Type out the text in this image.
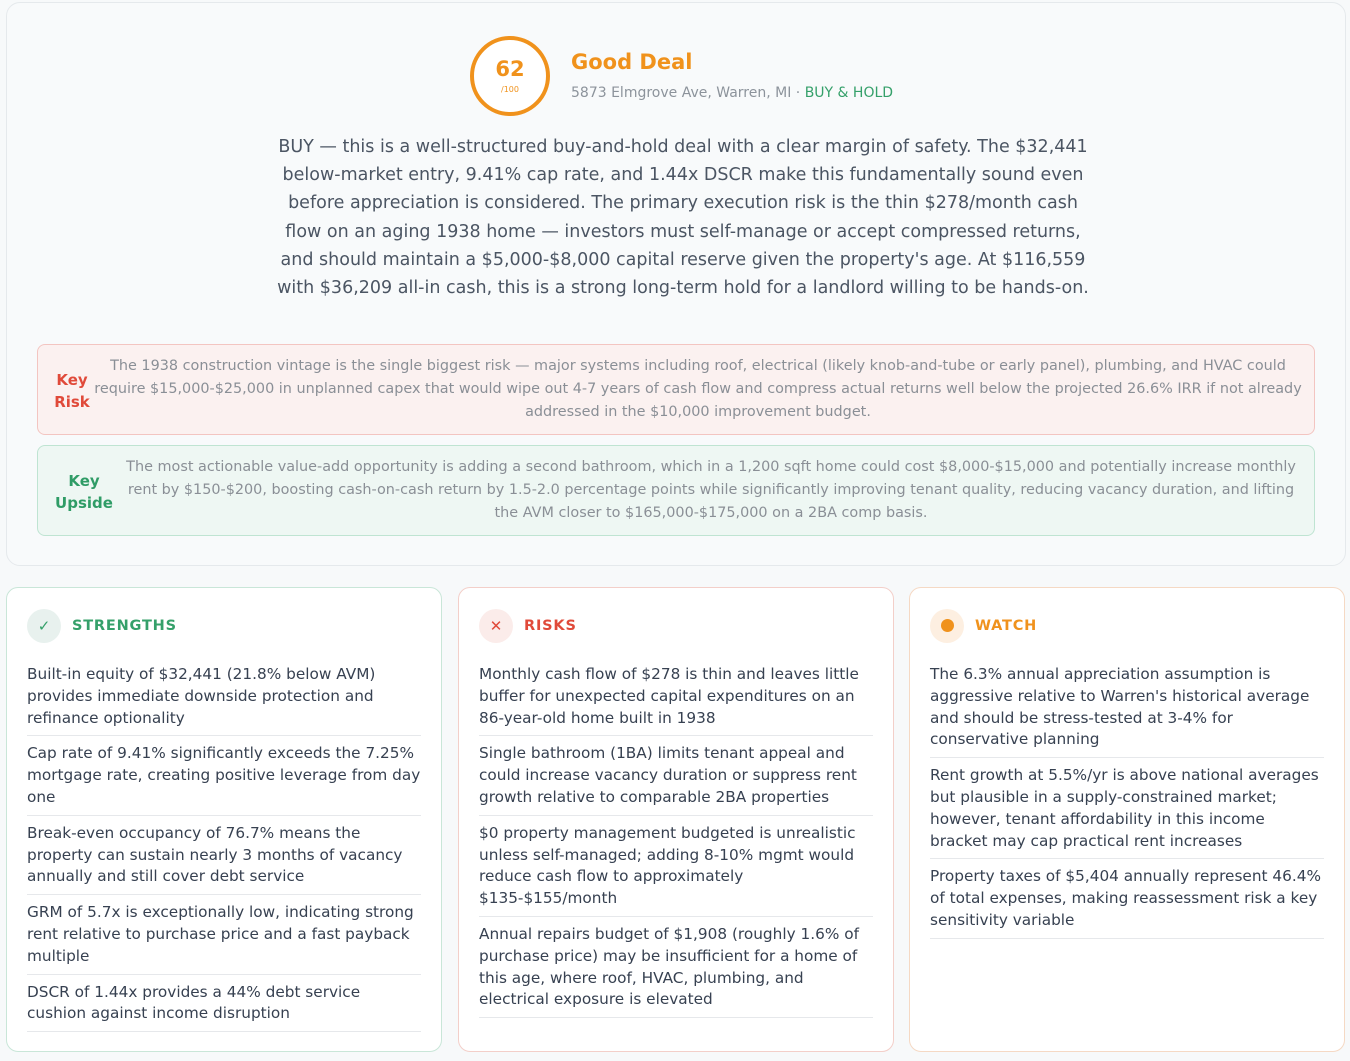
62
/100
Good Deal
5873 Elmgrove Ave, Warren, MI · BUY & HOLD
BUY — this is a well-structured buy-and-hold deal with a clear margin of safety. The $32,441 below-market entry, 9.41% cap rate, and 1.44x DSCR make this fundamentally sound even before appreciation is considered. The primary execution risk is the thin $278/month cash flow on an aging 1938 home — investors must self-manage or accept compressed returns, and should maintain a $5,000-$8,000 capital reserve given the property's age. At $116,559 with $36,209 all-in cash, this is a strong long-term hold for a landlord willing to be hands-on.
Key
Risk
The 1938 construction vintage is the single biggest risk — major systems including roof, electrical (likely knob-and-tube or early panel), plumbing, and HVAC could require $15,000-$25,000 in unplanned capex that would wipe out 4-7 years of cash flow and compress actual returns well below the projected 26.6% IRR if not already addressed in the $10,000 improvement budget.
Key
Upside
The most actionable value-add opportunity is adding a second bathroom, which in a 1,200 sqft home could cost $8,000-$15,000 and potentially increase monthly rent by $150-$200, boosting cash-on-cash return by 1.5-2.0 percentage points while significantly improving tenant quality, reducing vacancy duration, and lifting the AVM closer to $165,000-$175,000 on a 2BA comp basis.
✓	STRENGTHS
Built-in equity of $32,441 (21.8% below AVM) provides immediate downside protection and refinance optionality
Cap rate of 9.41% significantly exceeds the 7.25% mortgage rate, creating positive leverage from day one
Break-even occupancy of 76.7% means the property can sustain nearly 3 months of vacancy annually and still cover debt service
GRM of 5.7x is exceptionally low, indicating strong rent relative to purchase price and a fast payback multiple
DSCR of 1.44x provides a 44% debt service cushion against income disruption
✕	RISKS
Monthly cash flow of $278 is thin and leaves little buffer for unexpected capital expenditures on an 86-year-old home built in 1938
Single bathroom (1BA) limits tenant appeal and could increase vacancy duration or suppress rent growth relative to comparable 2BA properties
$0 property management budgeted is unrealistic unless self-managed; adding 8-10% mgmt would reduce cash flow to approximately $135-$155/month
Annual repairs budget of $1,908 (roughly 1.6% of purchase price) may be insufficient for a home of this age, where roof, HVAC, plumbing, and electrical exposure is elevated
WATCH
The 6.3% annual appreciation assumption is aggressive relative to Warren's historical average and should be stress-tested at 3-4% for conservative planning
Rent growth at 5.5%/yr is above national averages but plausible in a supply-constrained market; however, tenant affordability in this income bracket may cap practical rent increases
Property taxes of $5,404 annually represent 46.4% of total expenses, making reassessment risk a key sensitivity variable
